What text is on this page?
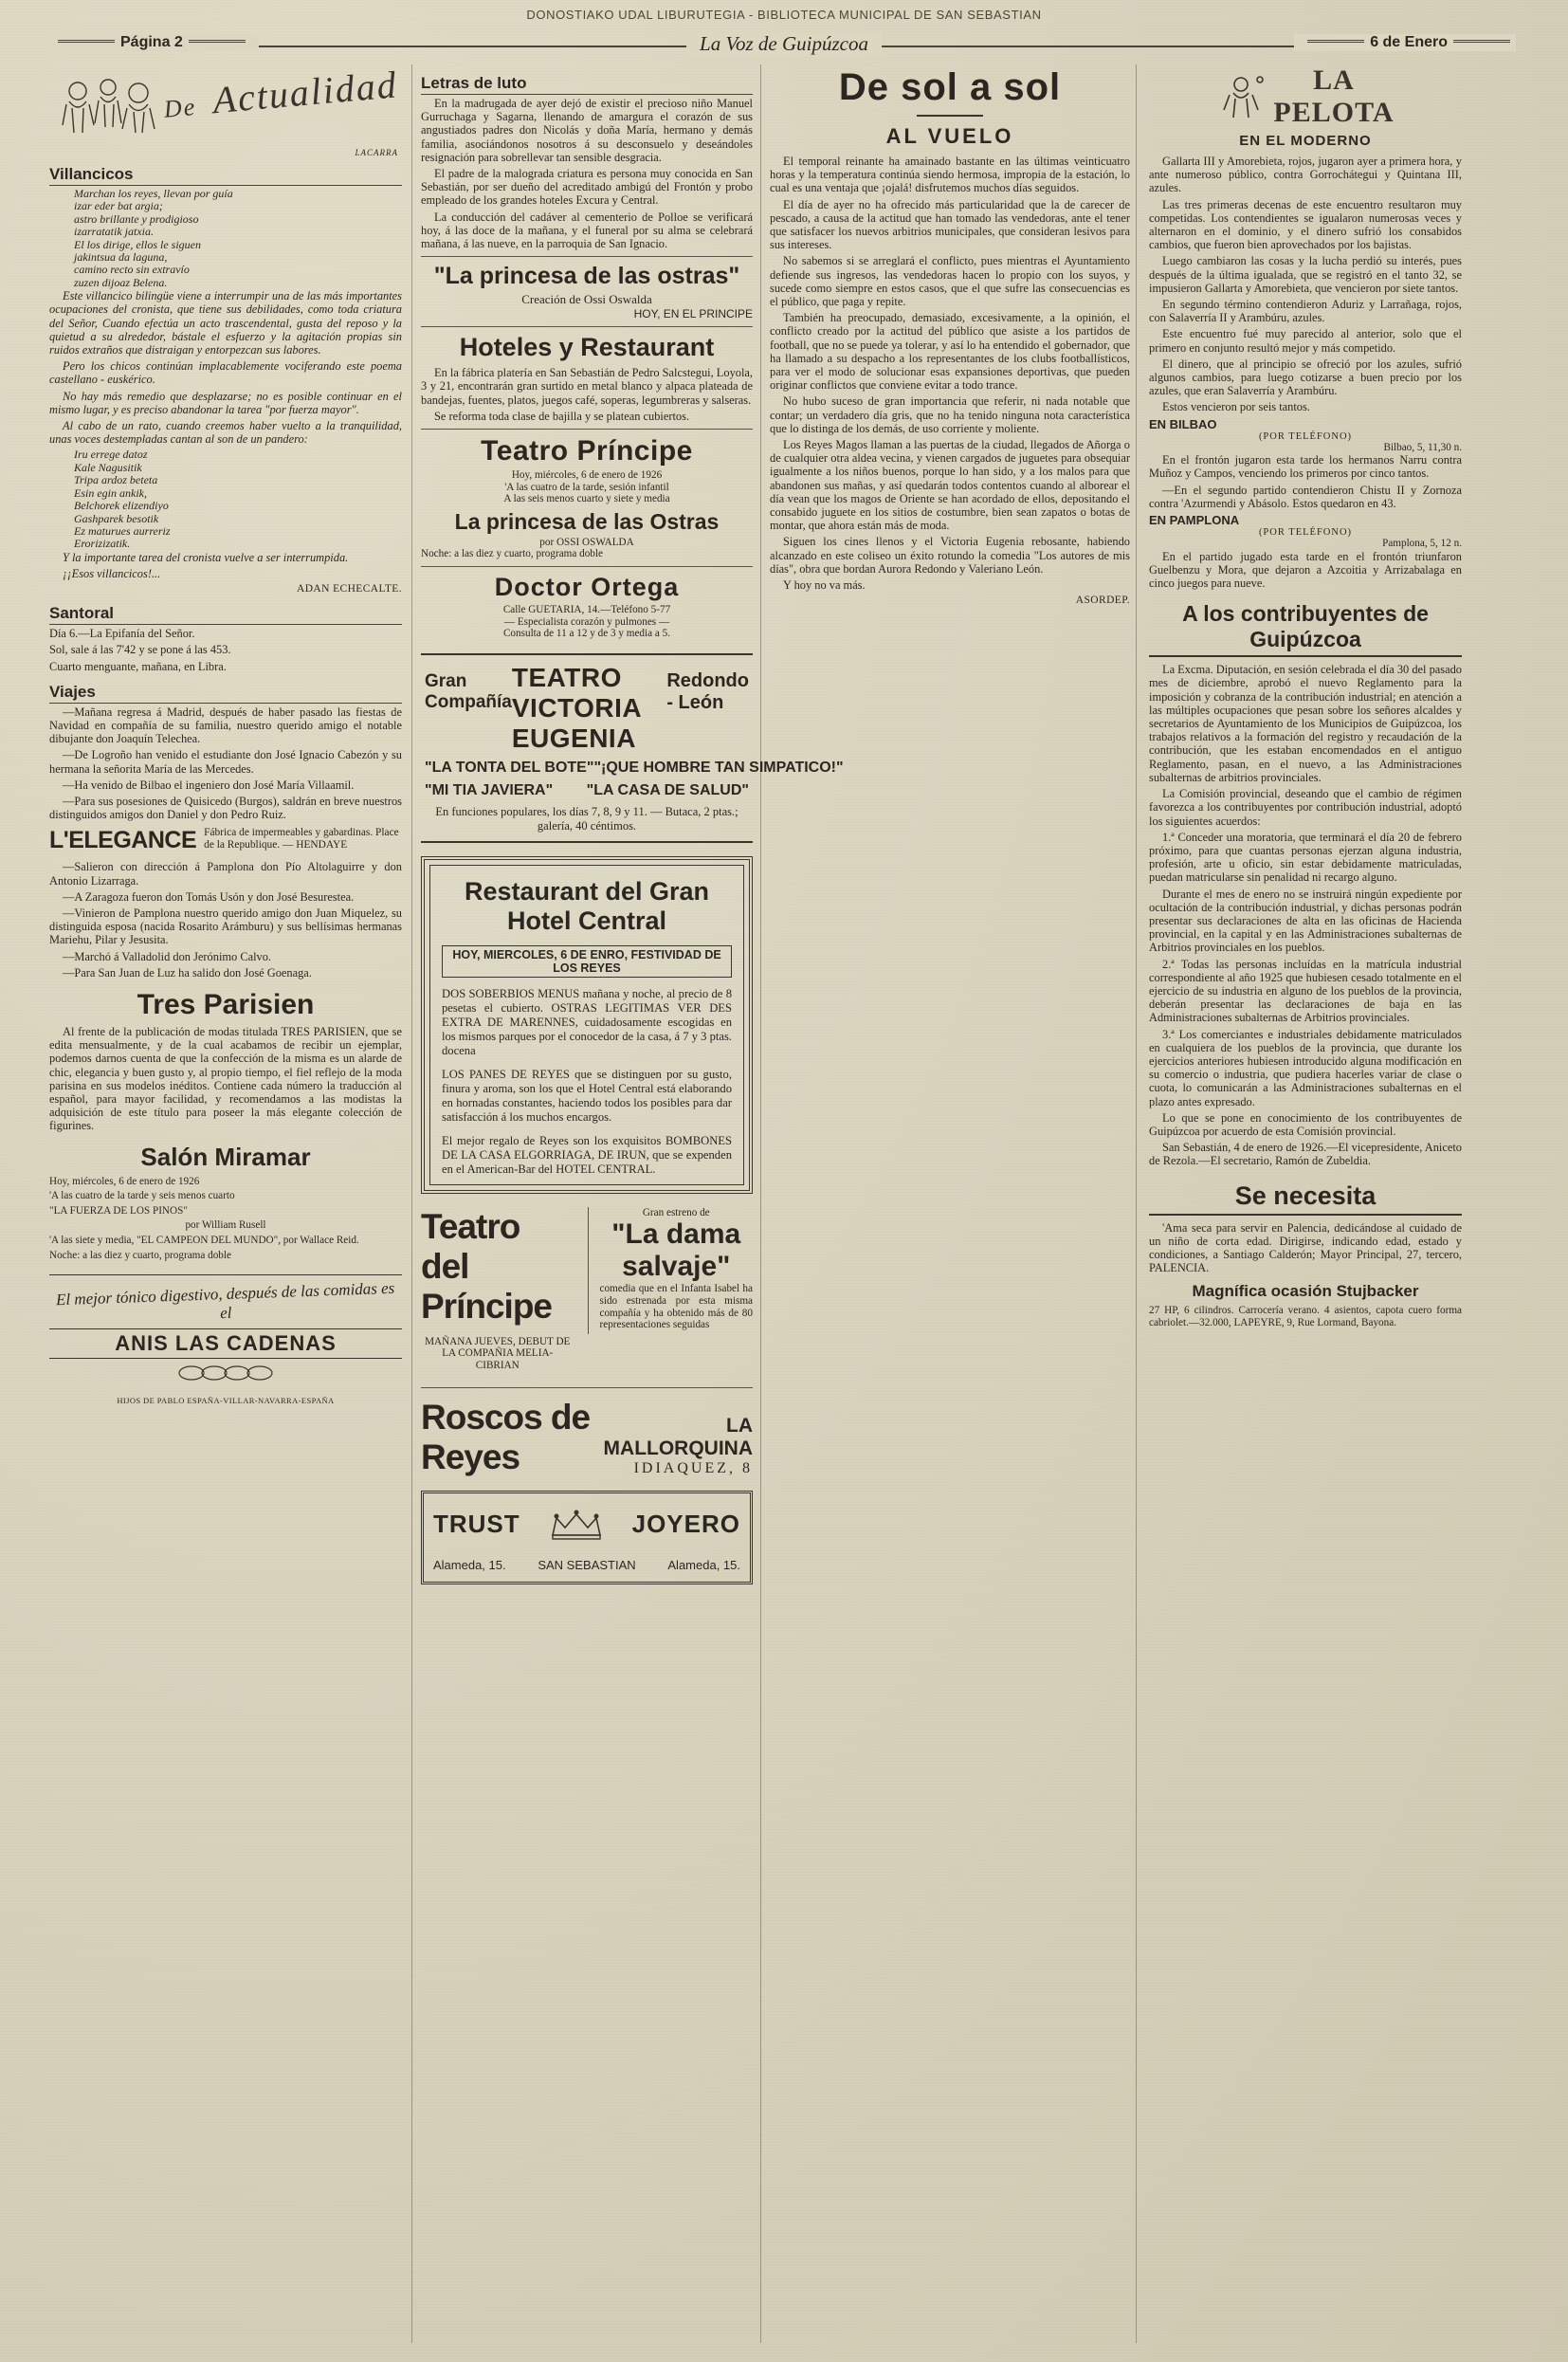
DONOSTIAKO UDAL LIBURUTEGIA - BIBLIOTECA MUNICIPAL DE SAN SEBASTIAN
Página 2	La Voz de Guipúzcoa	6 de Enero
De Actualidad
LACARRA
Villancicos
Marchan los reyes, llevan por guía
izar eder bat argia;
astro brillante y prodigioso
izarratatik jatxia.
El los dirige, ellos le siguen
jakintsua da laguna,
camino recto sin extravío
zuzen dijoaz Belena.

Este villancico bilingüe viene a interrumpir una de las más importantes ocupaciones del cronista, que tiene sus debilidades, como toda criatura del Señor, Cuando efectúa un acto trascendental, gusta del reposo y la quietud a su alrededor, bástale el esfuerzo y la agitación propias sin ruidos extraños que distraigan y entorpezcan sus labores.

Pero los chicos continúan implacablemente vociferando este poema castellano - euskérico.

No hay más remedio que desplazarse; no es posible continuar en el mismo lugar, y es preciso abandonar la tarea "por fuerza mayor".

Al cabo de un rato, cuando creemos haber vuelto a la tranquilidad, unas voces destempladas cantan al son de un pandero:

Iru errege datoz
Kale Nagusitik
Tripa ardoz beteta
Esin egin ankik,
Belchorek elizendiyo
Gashparek besotik
Ez maturues aurreriz
Erorizizatik.

Y la importante tarea del cronista vuelve a ser interrumpida.

¡¡Esos villancicos!...

ADAN ECHECALTE.
Santoral

Día 6.—La Epifanía del Señor.

Sol, sale á las 7'42 y se pone á las 453.

Cuarto menguante, mañana, en Libra.

Viajes

—Mañana regresa á Madrid, después de haber pasado las fiestas de Navidad en compañía de su familia, nuestro querido amigo el notable dibujante don Joaquín Telechea.

—De Logroño han venido el estudiante don José Ignacio Cabezón y su hermana la señorita María de las Mercedes.

—Ha venido de Bilbao el ingeniero don José María Villaamil.

—Para sus posesiones de Quisicedo (Burgos), saldrán en breve nuestros distinguidos amigos don Daniel y don Pedro Ruiz.

L'ELEGANCE Fábrica de impermeables y gabardinas. Place de la Republique. — HENDAYE

—Salieron con dirección á Pamplona don Pío Altolaguirre y don Antonio Lizarraga.

—A Zaragoza fueron don Tomás Usón y don José Besurestea.

—Vinieron de Pamplona nuestro querido amigo don Juan Miquelez, su distinguida esposa (nacida Rosarito Arámburu) y sus bellísimas hermanas Mariehu, Pilar y Jesusita.

—Marchó á Valladolid don Jerónimo Calvo.

—Para San Juan de Luz ha salido don José Goenaga.

Tres Parisien

Al frente de la publicación de modas titulada TRES PARISIEN, que se edita mensualmente, y de la cual acabamos de recibir un ejemplar, podemos darnos cuenta de que la confección de la misma es un alarde de chic, elegancia y buen gusto y, al propio tiempo, el fiel reflejo de la moda parisina en sus modelos inéditos. Contiene cada número la traducción al español, para mayor facilidad, y recomendamos a las modistas la adquisición de este título para poseer la más elegante colección de figurines.

Salón Miramar

Hoy, miércoles, 6 de enero de 1926

'A las cuatro de la tarde y seis menos cuarto

"LA FUERZA DE LOS PINOS"

por William Rusell

'A las siete y media, "EL CAMPEON DEL MUNDO", por Wallace Reid.

Noche: a las diez y cuarto, programa doble

El mejor tónico digestivo, después de las comidas es el
ANIS LAS CADENAS
HIJOS DE PABLO ESPAÑA-VILLAR-NAVARRA-ESPAÑA
Letras de luto

En la madrugada de ayer dejó de existir el precioso niño Manuel Gurruchaga y Sagarna, llenando de amargura el corazón de sus angustiados padres don Nicolás y doña María, hermano y demás familia, asociándonos nosotros á su desconsuelo y deseándoles resignación para sobrellevar tan sensible desgracia.

El padre de la malograda criatura es persona muy conocida en San Sebastián, por ser dueño del acreditado ambigú del Frontón y probo empleado de los grandes hoteles Excura y Central.

La conducción del cadáver al cementerio de Polloe se verificará hoy, á las doce de la mañana, y el funeral por su alma se celebrará mañana, á las nueve, en la parroquia de San Ignacio.

"La princesa de las ostras"
Creación de Ossi Oswalda
HOY, EN EL PRINCIPE
Hoteles y Restaurant

En la fábrica platería en San Sebastián de Pedro Salcstegui, Loyola, 3 y 21, encontrarán gran surtido en metal blanco y alpaca plateada de bandejas, fuentes, platos, juegos café, soperas, legumbreras y salseras.

Se reforma toda clase de bajilla y se platean cubiertos.

Teatro Príncipe
Hoy, miércoles, 6 de enero de 1926
'A las cuatro de la tarde, sesión infantil
A las seis menos cuarto y siete y media
La princesa de las Ostras
por OSSI OSWALDA
Noche: a las diez y cuarto, programa doble
Doctor Ortega
Calle GUETARIA, 14.—Teléfono 5-77
— Especialista corazón y pulmones —
Consulta de 11 a 12 y de 3 y media a 5.
Gran Compañía
TEATRO VICTORIA EUGENIA
Redondo - León
"LA TONTA DEL BOTE" "¡QUE HOMBRE TAN SIMPATICO!"
"MI TIA JAVIERA" "LA CASA DE SALUD"
En funciones populares, los días 7, 8, 9 y 11. — Butaca, 2 ptas.; galería, 40 céntimos.
Restaurant del Gran Hotel Central
HOY, MIERCOLES, 6 DE ENRO, FESTIVIDAD DE LOS REYES
DOS SOBERBIOS MENUS mañana y noche, al precio de 8 pesetas el cubierto. OSTRAS LEGITIMAS VER DES EXTRA DE MARENNES, cuidadosamente escogidas en los mismos parques por el conocedor de la casa, á 7 y 3 ptas. docena
LOS PANES DE REYES que se distinguen por su gusto, finura y aroma, son los que el Hotel Central está elaborando en hornadas constantes, haciendo todos los posibles para dar satisfacción á los muchos encargos.
El mejor regalo de Reyes son los exquisitos BOMBONES DE LA CASA ELGORRIAGA, DE IRUN, que se expenden en el American-Bar del HOTEL CENTRAL.
Teatro del Príncipe
MAÑANA JUEVES, DEBUT DE LA COMPAÑIA MELIA-CIBRIAN
Gran estreno de
"La dama salvaje"

comedia que en el Infanta Isabel ha sido estrenada por esta misma compañía y ha obtenido más de 80 representaciones seguidas

Roscos de Reyes
LA MALLORQUINA
IDIAQUEZ, 8
TRUST	JOYERO
Alameda, 15.	SAN SEBASTIAN	Alameda, 15.
De sol a sol
AL VUELO

El temporal reinante ha amainado bastante en las últimas veinticuatro horas y la temperatura continúa siendo hermosa, impropia de la estación, lo cual es una ventaja que ¡ojalá! disfrutemos muchos días seguidos.

El día de ayer no ha ofrecido más particularidad que la de carecer de pescado, a causa de la actitud que han tomado las vendedoras, ante el tener que satisfacer los nuevos arbitrios municipales, que consideran lesivos para sus intereses.

No sabemos si se arreglará el conflicto, pues mientras el Ayuntamiento defiende sus ingresos, las vendedoras hacen lo propio con los suyos, y sucede como siempre en estos casos, que el que sufre las consecuencias es el público, que paga y repite.

También ha preocupado, demasiado, excesivamente, a la opinión, el conflicto creado por la actitud del público que asiste a los partidos de football, que no se puede ya tolerar, y así lo ha entendido el gobernador, que ha llamado a su despacho a los representantes de los clubs footballísticos, para ver el modo de solucionar esas expansiones deportivas, que pueden originar conflictos que conviene evitar a todo trance.

No hubo suceso de gran importancia que referir, ni nada notable que contar; un verdadero día gris, que no ha tenido ninguna nota característica que lo distinga de los demás, de uso corriente y moliente.

Los Reyes Magos llaman a las puertas de la ciudad, llegados de Añorga o de cualquier otra aldea vecina, y vienen cargados de juguetes para obsequiar igualmente a los niños buenos, porque lo han sido, y a los malos para que abandonen sus mañas, y así quedarán todos contentos cuando al alborear el día vean que los magos de Oriente se han acordado de ellos, depositando el consabido juguete en los sitios de costumbre, bien sean zapatos o botas de montar, que ahora están más de moda.

Siguen los cines llenos y el Victoria Eugenia rebosante, habiendo alcanzado en este coliseo un éxito rotundo la comedia "Los autores de mis días", obra que bordan Aurora Redondo y Valeriano León.

Y hoy no va más.

ASORDEP.
LA
PELOTA
EN EL MODERNO

Gallarta III y Amorebieta, rojos, jugaron ayer a primera hora, y ante numeroso público, contra Gorrochátegui y Quintana III, azules.

Las tres primeras decenas de este encuentro resultaron muy competidas. Los contendientes se igualaron numerosas veces y alternaron en el dominio, y el dinero sufrió los consabidos cambios, que fueron bien aprovechados por los bajistas.

Luego cambiaron las cosas y la lucha perdió su interés, pues después de la última igualada, que se registró en el tanto 32, se impusieron Gallarta y Amorebieta, que vencieron por siete tantos.

En segundo término contendieron Aduriz y Larrañaga, rojos, con Salaverría II y Arambúru, azules.

Este encuentro fué muy parecido al anterior, solo que el primero en conjunto resultó mejor y más competido.

El dinero, que al principio se ofreció por los azules, sufrió algunos cambios, para luego cotizarse a buen precio por los azules, que eran Salaverría y Arambúru.

Estos vencieron por seis tantos.

EN BILBAO
(POR TELÉFONO)
Bilbao, 5, 11,30 n.

En el frontón jugaron esta tarde los hermanos Narru contra Muñoz y Campos, venciendo los primeros por cinco tantos.

—En el segundo partido contendieron Chistu II y Zornoza contra 'Azurmendi y Abásolo. Estos quedaron en 43.

EN PAMPLONA
(POR TELÉFONO)
Pamplona, 5, 12 n.

En el partido jugado esta tarde en el frontón triunfaron Guelbenzu y Mora, que dejaron a Azcoitia y Arrizabalaga en cinco juegos para nueve.

A los contribuyentes de Guipúzcoa

La Excma. Diputación, en sesión celebrada el día 30 del pasado mes de diciembre, aprobó el nuevo Reglamento para la imposición y cobranza de la contribución industrial; en atención a las múltiples ocupaciones que pesan sobre los señores alcaldes y secretarios de Ayuntamiento de los Municipios de Guipúzcoa, los trabajos relativos a la formación del registro y recaudación de la contribución, que les estaban encomendados en el antiguo Reglamento, pasan, en el nuevo, a las Administraciones subalternas de arbitrios provinciales.

La Comisión provincial, deseando que el cambio de régimen favorezca a los contribuyentes por contribución industrial, adoptó los siguientes acuerdos:

1.ª Conceder una moratoria, que terminará el día 20 de febrero próximo, para que cuantas personas ejerzan alguna industria, profesión, arte u oficio, sin estar debidamente matriculadas, puedan matricularse sin penalidad ni recargo alguno.

Durante el mes de enero no se instruirá ningún expediente por ocultación de la contribución industrial, y dichas personas podrán presentar sus declaraciones de alta en las oficinas de Hacienda provincial, en la capital y en las Administraciones subalternas de Arbitrios provinciales en los pueblos.

2.ª Todas las personas incluídas en la matrícula industrial correspondiente al año 1925 que hubiesen cesado totalmente en el ejercicio de su industria en alguno de los pueblos de la provincia, deberán presentar las declaraciones de baja en las Administraciones subalternas de Arbitrios provinciales.

3.ª Los comerciantes e industriales debidamente matriculados en cualquiera de los pueblos de la provincia, que durante los ejercicios anteriores hubiesen introducido alguna modificación en su comercio o industria, que pudiera hacerles variar de clase o cuota, lo comunicarán a las Administraciones subalternas en el plazo antes expresado.

Lo que se pone en conocimiento de los contribuyentes de Guipúzcoa por acuerdo de esta Comisión provincial.

San Sebastián, 4 de enero de 1926.—El vicepresidente, Anicetо de Rezola.—El secretario, Ramón de Zubeldia.

Se necesita

'Ama seca para servir en Palencia, dedicándose al cuidado de un niño de corta edad. Dirigirse, indicando edad, estado y condiciones, a Santiago Calderón; Mayor Principal, 27, tercero, PALENCIA.

Magnífica ocasión Stujbacker

27 HP, 6 cilindros. Carrocería verano. 4 asientos, capota cuero forma cabriolet.—32.000, LAPEYRE, 9, Rue Lormand, Bayona.
